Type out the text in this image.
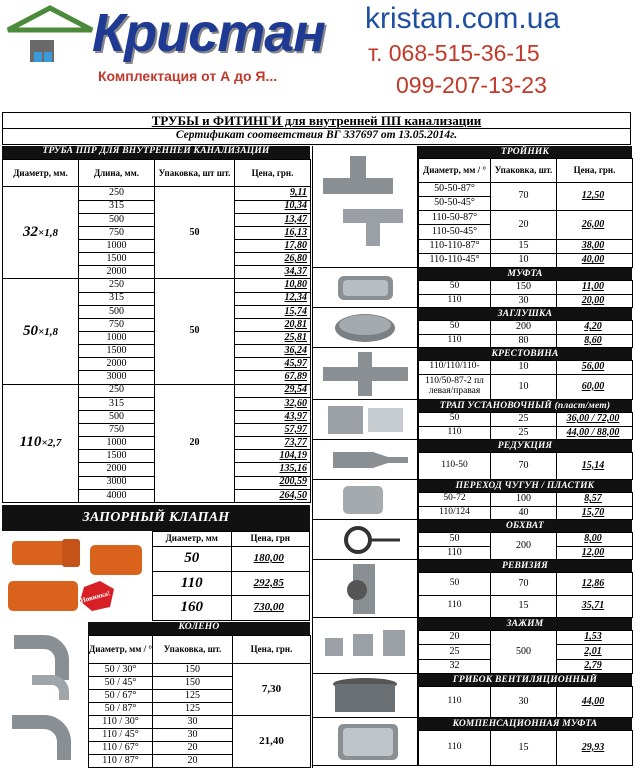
Кристан
Комплектация от А до Я...
kristan.com.ua
т. 068-515-36-15
099-207-13-23
ТРУБЫ и ФИТИНГИ для внутренней ПП канализации
Сертификат соответствия ВГ 337697 от 13.05.2014г.
ТРУБА ППР ДЛЯ ВНУТРЕННЕЙ КАНАЛИЗАЦИИ
Диаметр, мм.	Длина, мм.	Упаковка, шт шт.	Цена, грн.
32×1,8	250	50	9,11
	315		10,34
	500		13,47
	750		16,13
	1000		17,80
	1500		26,80
	2000		34,37
50×1,8	250	50	10,80
	315		12,34
	500		15,74
	750		20,81
	1000		25,81
	1500		36,24
	2000		45,97
	3000		67,89
110×2,7	250	20	29,54
	315		32,60
	500		43,97
	750		57,97
	1000		73,77
	1500		104,19
	2000		135,16
	3000		200,59
	4000		264,50
ЗАПОРНЫЙ КЛАПАН
Новинка!
Диаметр, мм	Цена, грн
50	180,00
110	292,85
160	730,00
КОЛЕНО
Диаметр, мм / °	Упаковка, шт.	Цена, грн.
50 / 30°	150	7,30
50 / 45°	150	
50 / 67°	125	
50 / 87°	125	
110 / 30°	30	21,40
110 / 45°	30	
110 / 67°	20	
110 / 87°	20	
ТРОЙНИК
Диаметр, мм / °	Упаковка, шт.	Цена, грн.
50-50-87°	70	12,50
50-50-45°		
110-50-87°	20	26,00
110-50-45°		
110-110-87°	15	38,00
110-110-45°	10	40,00
МУФТА
50	150	11,00
110	30	20,00
ЗАГЛУШКА
50	200	4,20
110	80	8,60
КРЕСТОВИНА
110/110/110-	10	56,00
110/50-87-2 пл левая/правая	10	60,00
ТРАП УСТАНОВОЧНЫЙ (пласт/мет)
50	25	36,00 / 72,00
110	25	44,00 / 88,00
РЕДУКЦИЯ
110-50	70	15,14
ПЕРЕХОД ЧУГУН / ПЛАСТИК
50-72	100	8,57
110/124	40	15,70
ОБХВАТ
50	200	8,00
110		12,00
РЕВИЗИЯ
50	70	12,86
110	15	35,71
ЗАЖИМ
20	500	1,53
25		2,01
32		2,79
ГРИБОК ВЕНТИЛЯЦИОННЫЙ
110	30	44,00
КОМПЕНСАЦИОННАЯ МУФТА
110	15	29,93
